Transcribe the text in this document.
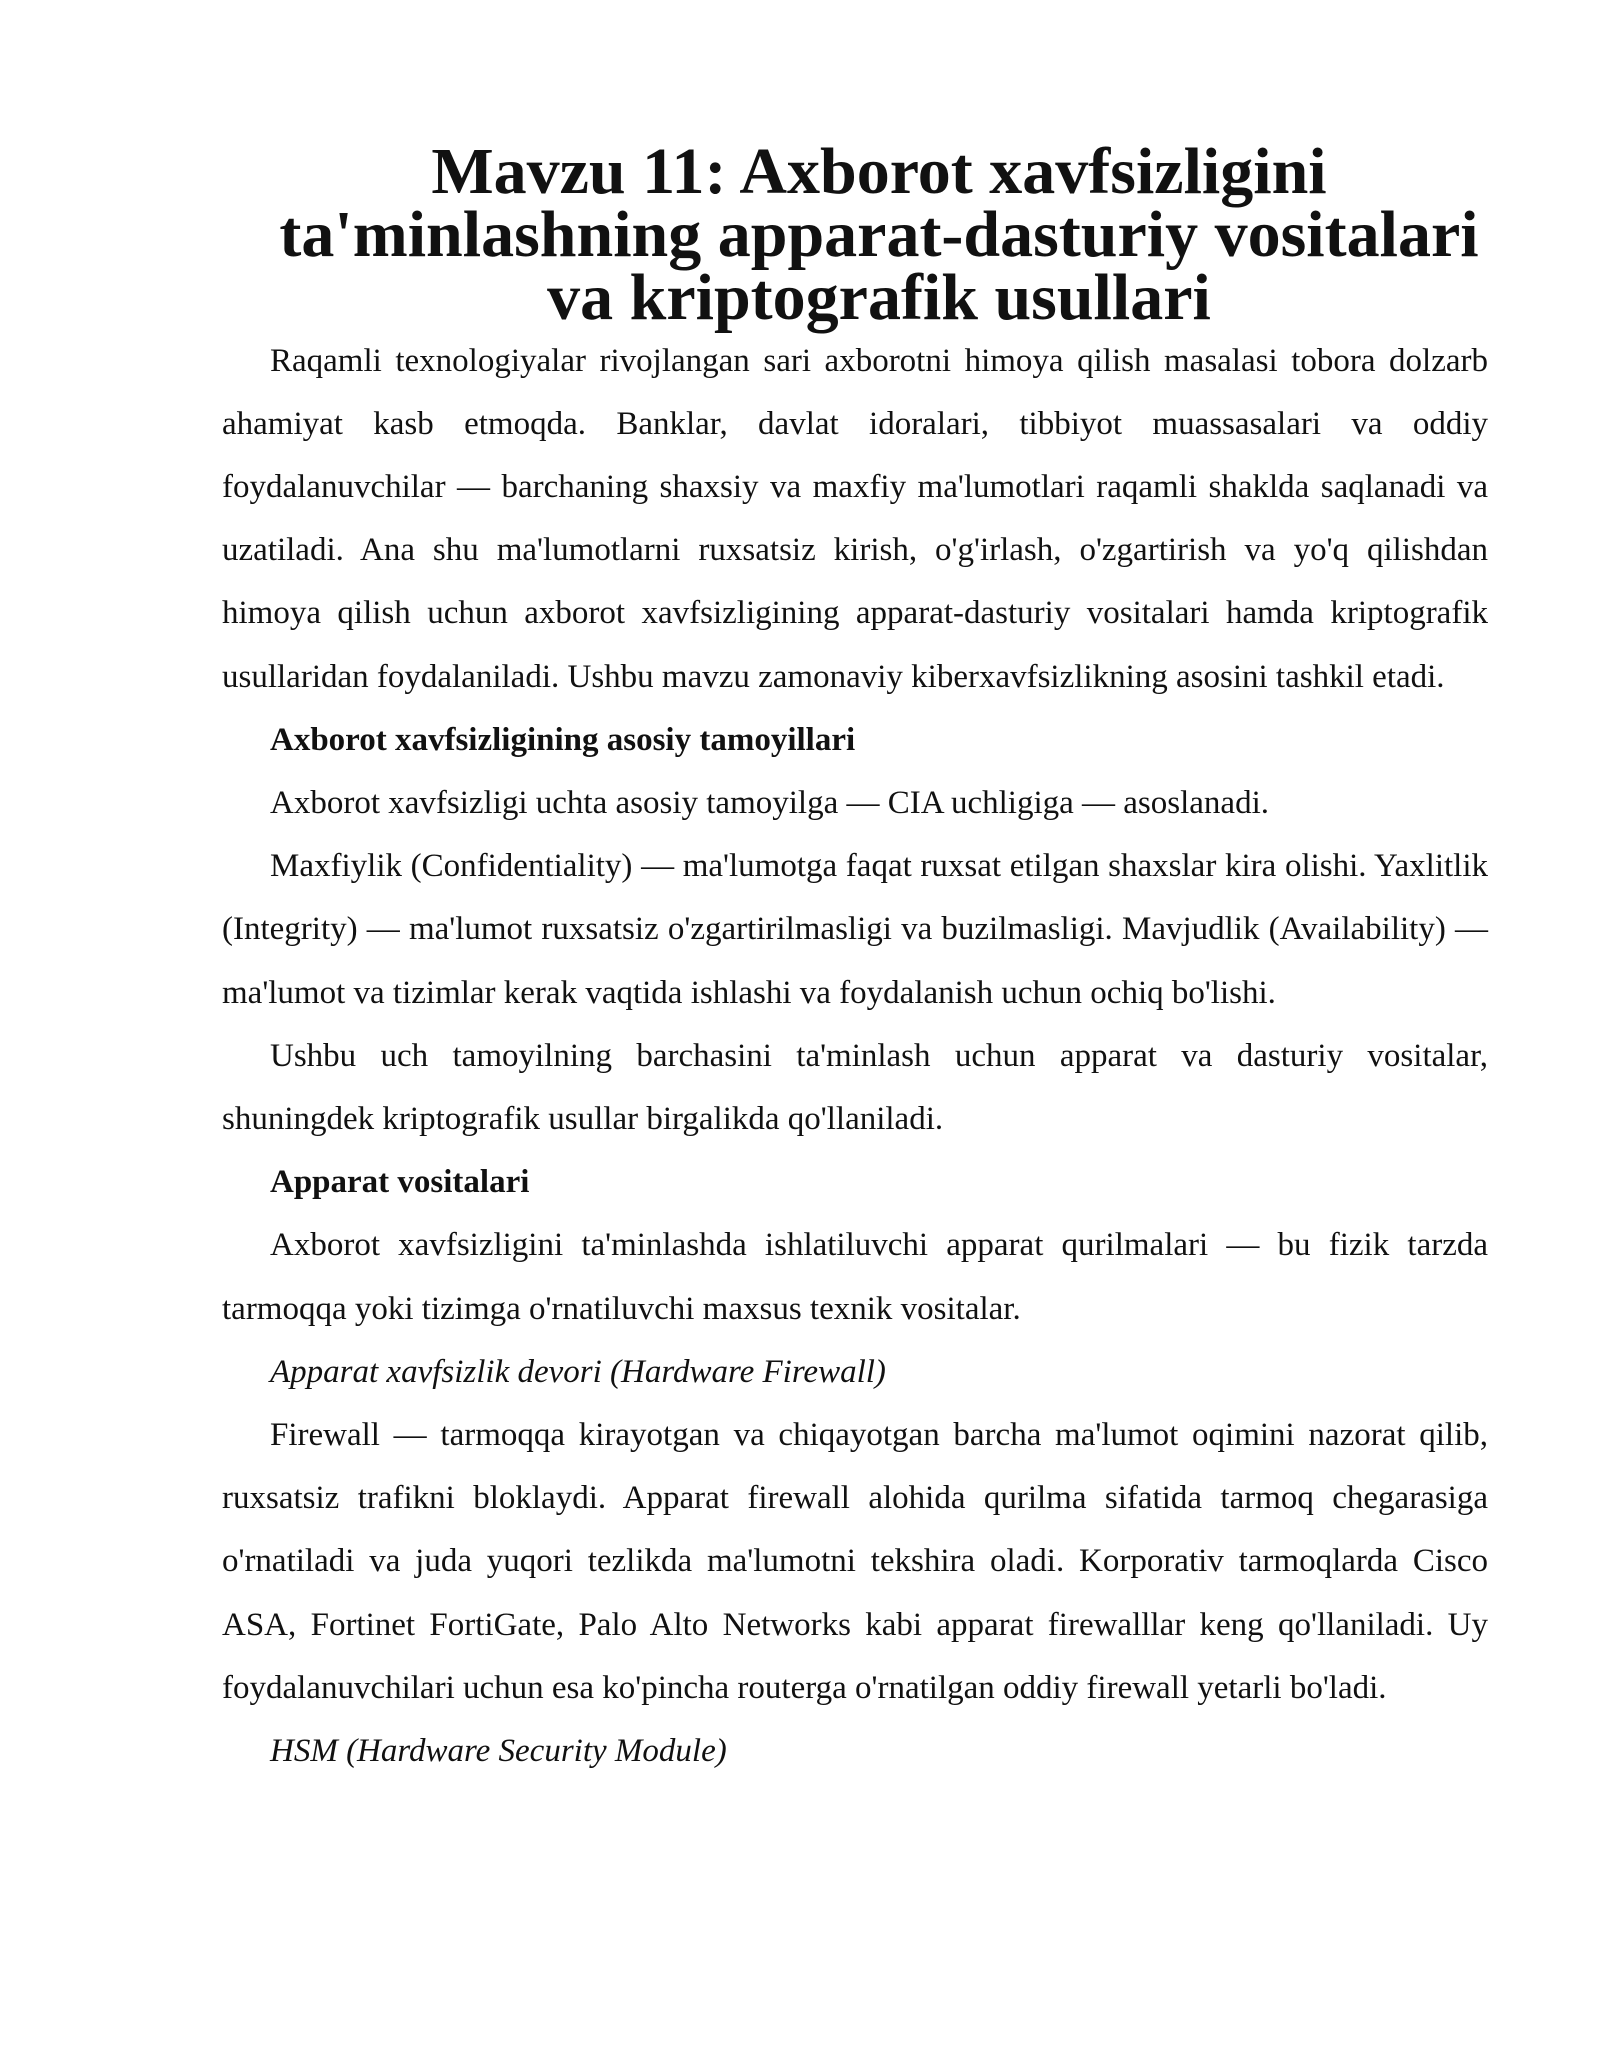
Mavzu 11: Axborot xavfsizligini ta'minlashning apparat-dasturiy vositalari
va kriptografik usullari

Raqamli texnologiyalar rivojlangan sari axborotni himoya qilish masalasi tobora dolzarb ahamiyat kasb etmoqda. Banklar, davlat idoralari, tibbiyot muassasalari va oddiy foydalanuvchilar — barchaning shaxsiy va maxfiy ma'lumotlari raqamli shaklda saqlanadi va uzatiladi. Ana shu ma'lumotlarni ruxsatsiz kirish, o'g'irlash, o'zgartirish va yo'q qilishdan himoya qilish uchun axborot xavfsizligining apparat-dasturiy vositalari hamda kriptografik usullaridan foydalaniladi. Ushbu mavzu zamonaviy kiberxavfsizlikning asosini tashkil etadi.

Axborot xavfsizligining asosiy tamoyillari

Axborot xavfsizligi uchta asosiy tamoyilga — CIA uchligiga — asoslanadi.

Maxfiylik (Confidentiality) — ma'lumotga faqat ruxsat etilgan shaxslar kira olishi. Yaxlitlik (Integrity) — ma'lumot ruxsatsiz o'zgartirilmasligi va buzilmasligi. Mavjudlik (Availability) — ma'lumot va tizimlar kerak vaqtida ishlashi va foydalanish uchun ochiq bo'lishi.

Ushbu uch tamoyilning barchasini ta'minlash uchun apparat va dasturiy vositalar, shuningdek kriptografik usullar birgalikda qo'llaniladi.

Apparat vositalari

Axborot xavfsizligini ta'minlashda ishlatiluvchi apparat qurilmalari — bu fizik tarzda tarmoqqa yoki tizimga o'rnatiluvchi maxsus texnik vositalar.

Apparat xavfsizlik devori (Hardware Firewall)

Firewall — tarmoqqa kirayotgan va chiqayotgan barcha ma'lumot oqimini nazorat qilib, ruxsatsiz trafikni bloklaydi. Apparat firewall alohida qurilma sifatida tarmoq chegarasiga o'rnatiladi va juda yuqori tezlikda ma'lumotni tekshira oladi. Korporativ tarmoqlarda Cisco ASA, Fortinet FortiGate, Palo Alto Networks kabi apparat firewalllar keng qo'llaniladi. Uy foydalanuvchilari uchun esa ko'pincha routerga o'rnatilgan oddiy firewall yetarli bo'ladi.

HSM (Hardware Security Module)
